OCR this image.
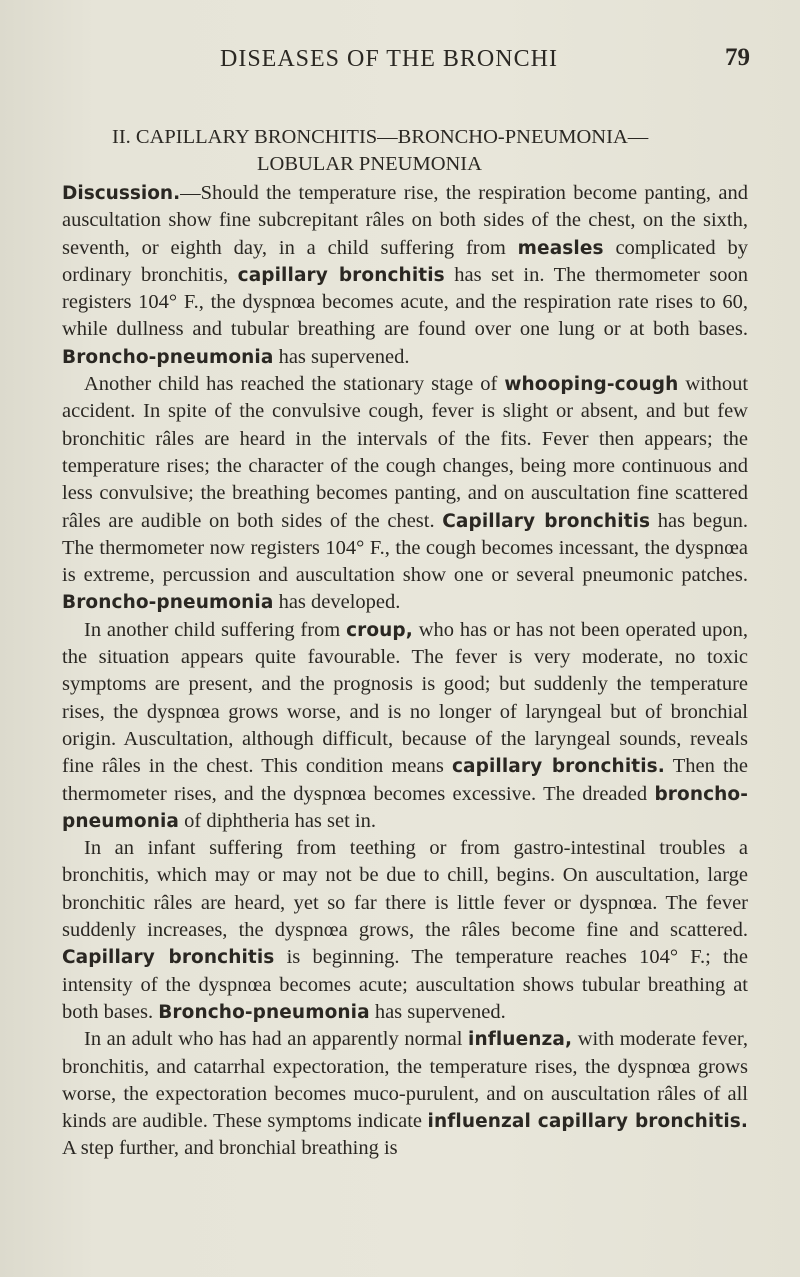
DISEASES OF THE BRONCHI	79
II. CAPILLARY BRONCHITIS—BRONCHO-PNEUMONIA—
LOBULAR PNEUMONIA

Discussion.—Should the temperature rise, the respiration become panting, and auscultation show fine subcrepitant râles on both sides of the chest, on the sixth, seventh, or eighth day, in a child suffering from measles complicated by ordinary bronchitis, capillary bronchitis has set in. The thermometer soon registers 104° F., the dyspnœa becomes acute, and the respiration rate rises to 60, while dullness and tubular breathing are found over one lung or at both bases. Broncho-pneumonia has supervened.

Another child has reached the stationary stage of whooping-cough without accident. In spite of the convulsive cough, fever is slight or absent, and but few bronchitic râles are heard in the intervals of the fits. Fever then appears; the temperature rises; the character of the cough changes, being more continuous and less convulsive; the breathing becomes panting, and on auscultation fine scattered râles are audible on both sides of the chest. Capillary bronchitis has begun. The thermometer now registers 104° F., the cough becomes incessant, the dyspnœa is extreme, percussion and auscultation show one or several pneumonic patches. Broncho-pneumonia has developed.

In another child suffering from croup, who has or has not been operated upon, the situation appears quite favourable. The fever is very moderate, no toxic symptoms are present, and the prognosis is good; but suddenly the temperature rises, the dyspnœa grows worse, and is no longer of laryngeal but of bronchial origin. Auscultation, although difficult, because of the laryngeal sounds, reveals fine râles in the chest. This condition means capillary bronchitis. Then the thermometer rises, and the dyspnœa becomes excessive. The dreaded broncho-pneumonia of diphtheria has set in.

In an infant suffering from teething or from gastro-intestinal troubles a bronchitis, which may or may not be due to chill, begins. On auscultation, large bronchitic râles are heard, yet so far there is little fever or dyspnœa. The fever suddenly increases, the dyspnœa grows, the râles become fine and scattered. Capillary bronchitis is beginning. The temperature reaches 104° F.; the intensity of the dyspnœa becomes acute; auscultation shows tubular breathing at both bases. Broncho-pneumonia has supervened.

In an adult who has had an apparently normal influenza, with moderate fever, bronchitis, and catarrhal expectoration, the temperature rises, the dyspnœa grows worse, the expectoration becomes muco-purulent, and on auscultation râles of all kinds are audible. These symptoms indicate influenzal capillary bronchitis. A step further, and bronchial breathing is
